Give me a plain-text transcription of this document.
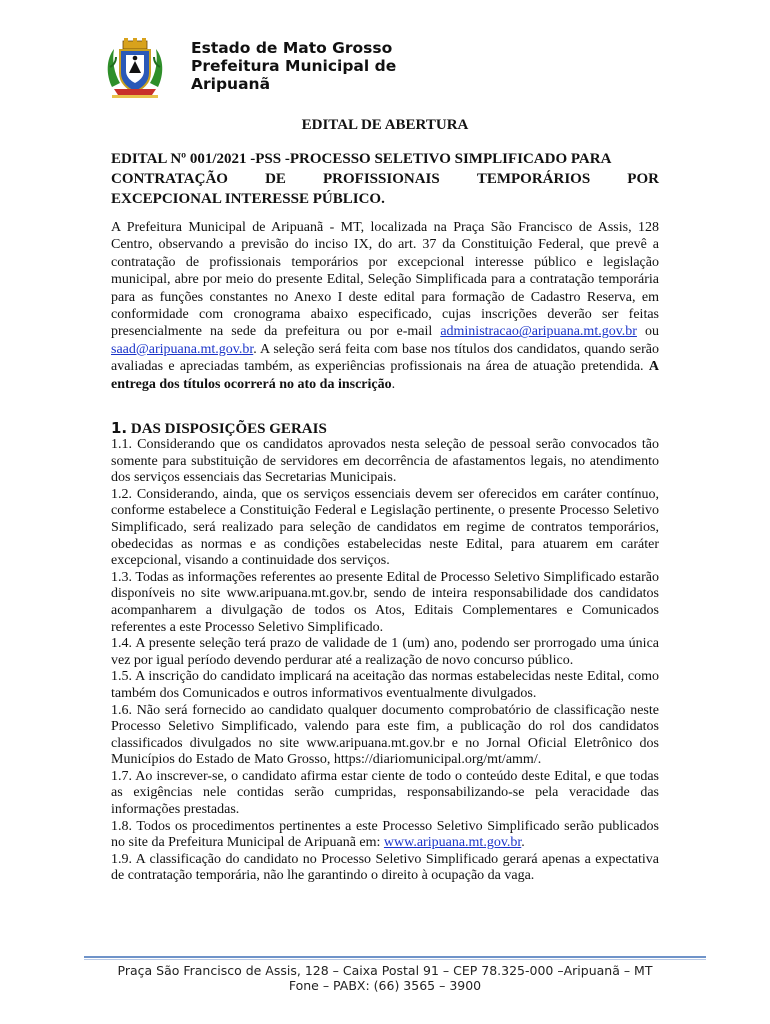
Estado de Mato Grosso
Prefeitura Municipal de
Aripuanã
EDITAL DE ABERTURA
EDITAL Nº 001/2021 -PSS -PROCESSO SELETIVO SIMPLIFICADO PARA
CONTRATAÇÃO DE PROFISSIONAIS TEMPORÁRIOS POR
EXCEPCIONAL INTERESSE PÚBLICO.
A Prefeitura Municipal de Aripuanã - MT, localizada na Praça São Francisco de Assis, 128 Centro, observando a previsão do inciso IX, do art. 37 da Constituição Federal, que prevê a contratação de profissionais temporários por excepcional interesse público e legislação municipal, abre por meio do presente Edital, Seleção Simplificada para a contratação temporária para as funções constantes no Anexo I deste edital para formação de Cadastro Reserva, em conformidade com cronograma abaixo especificado, cujas inscrições deverão ser feitas presencialmente na sede da prefeitura ou por e-mail administracao@aripuana.mt.gov.br ou saad@aripuana.mt.gov.br. A seleção será feita com base nos títulos dos candidatos, quando serão avaliadas e apreciadas também, as experiências profissionais na área de atuação pretendida. A entrega dos títulos ocorrerá no ato da inscrição.
1. DAS DISPOSIÇÕES GERAIS

1.1. Considerando que os candidatos aprovados nesta seleção de pessoal serão convocados tão somente para substituição de servidores em decorrência de afastamentos legais, no atendimento dos serviços essenciais das Secretarias Municipais.

1.2. Considerando, ainda, que os serviços essenciais devem ser oferecidos em caráter contínuo, conforme estabelece a Constituição Federal e Legislação pertinente, o presente Processo Seletivo Simplificado, será realizado para seleção de candidatos em regime de contratos temporários, obedecidas as normas e as condições estabelecidas neste Edital, para atuarem em caráter excepcional, visando a continuidade dos serviços.

1.3. Todas as informações referentes ao presente Edital de Processo Seletivo Simplificado estarão disponíveis no site www.aripuana.mt.gov.br, sendo de inteira responsabilidade dos candidatos acompanharem a divulgação de todos os Atos, Editais Complementares e Comunicados referentes a este Processo Seletivo Simplificado.

1.4. A presente seleção terá prazo de validade de 1 (um) ano, podendo ser prorrogado uma única vez por igual período devendo perdurar até a realização de novo concurso público.

1.5. A inscrição do candidato implicará na aceitação das normas estabelecidas neste Edital, como também dos Comunicados e outros informativos eventualmente divulgados.

1.6. Não será fornecido ao candidato qualquer documento comprobatório de classificação neste Processo Seletivo Simplificado, valendo para este fim, a publicação do rol dos candidatos classificados divulgados no site www.aripuana.mt.gov.br e no Jornal Oficial Eletrônico dos Municípios do Estado de Mato Grosso, https://diariomunicipal.org/mt/amm/.

1.7. Ao inscrever-se, o candidato afirma estar ciente de todo o conteúdo deste Edital, e que todas as exigências nele contidas serão cumpridas, responsabilizando-se pela veracidade das informações prestadas.

1.8. Todos os procedimentos pertinentes a este Processo Seletivo Simplificado serão publicados no site da Prefeitura Municipal de Aripuanã em: www.aripuana.mt.gov.br.

1.9. A classificação do candidato no Processo Seletivo Simplificado gerará apenas a expectativa de contratação temporária, não lhe garantindo o direito à ocupação da vaga.

Praça São Francisco de Assis, 128 – Caixa Postal 91 – CEP 78.325-000 –Aripuanã – MT
Fone – PABX: (66) 3565 – 3900
